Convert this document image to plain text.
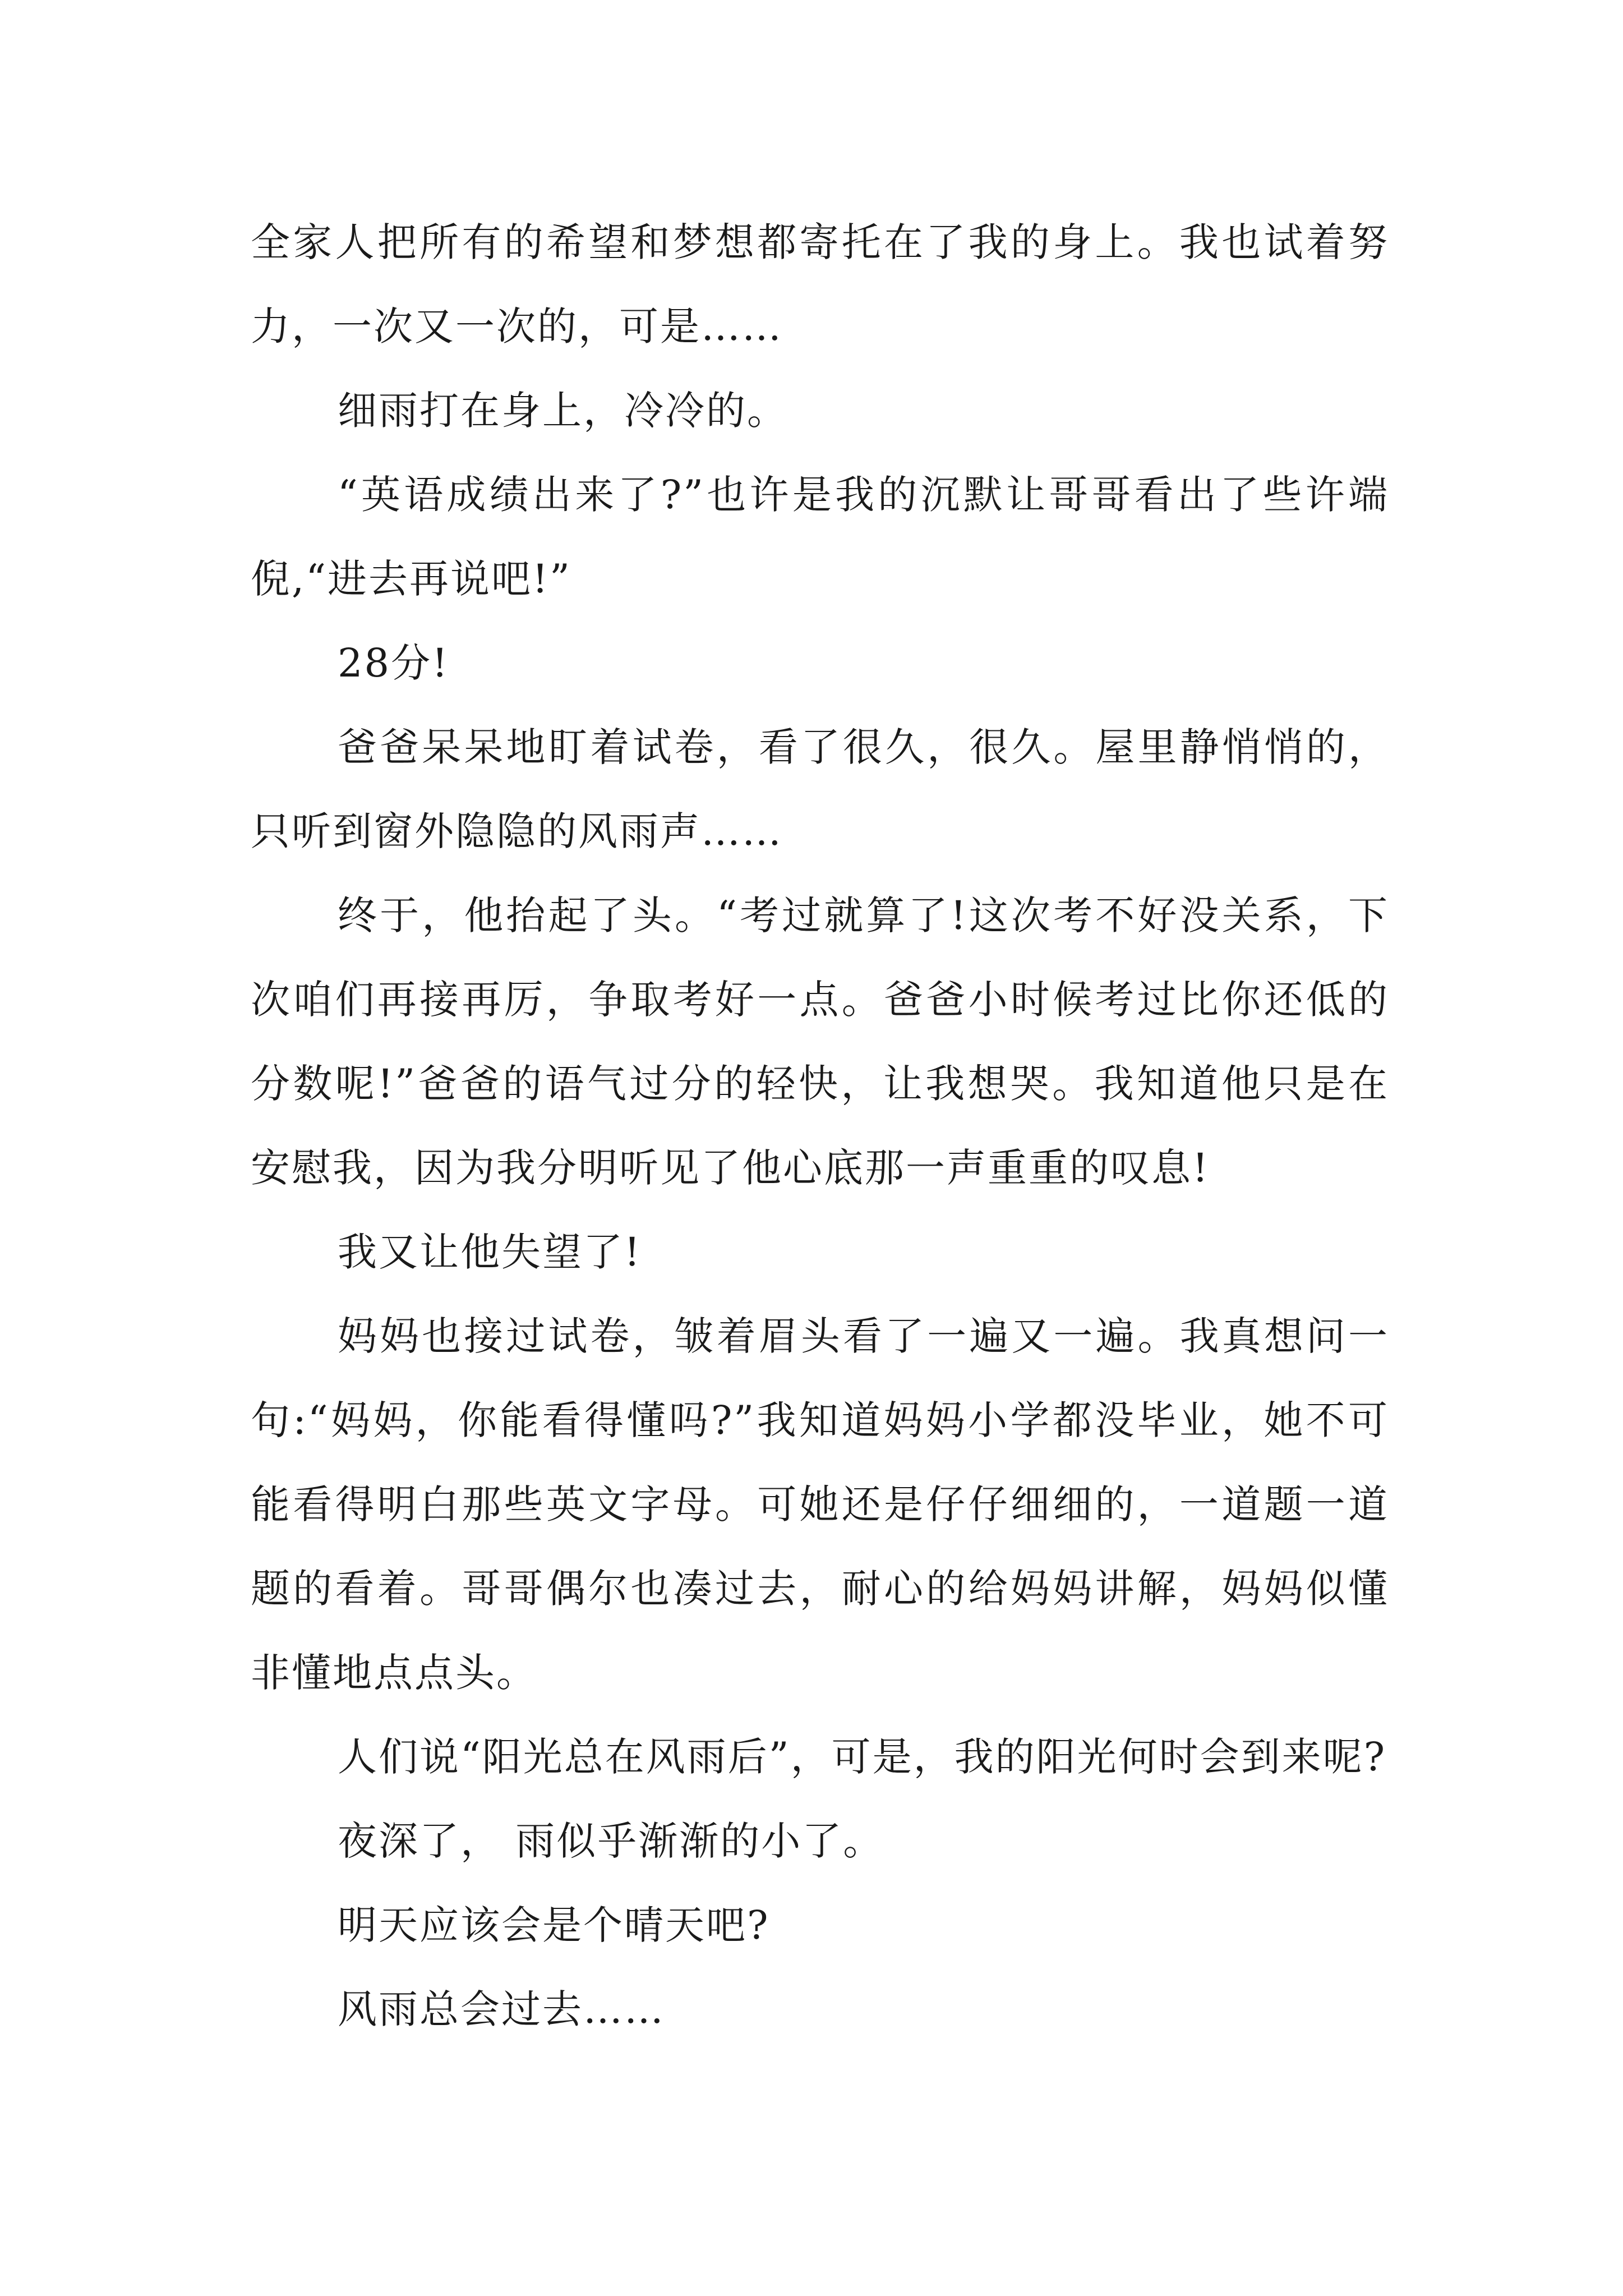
全家人把所有的希望和梦想都寄托在了我的身上。我也试着努力，一次又一次的，可是……

细雨打在身上，冷冷的。

“英语成绩出来了?”也许是我的沉默让哥哥看出了些许端倪,“进去再说吧!”

28分!

爸爸呆呆地盯着试卷，看了很久，很久。屋里静悄悄的，只听到窗外隐隐的风雨声……

终于，他抬起了头。“考过就算了!这次考不好没关系，下次咱们再接再厉，争取考好一点。爸爸小时候考过比你还低的分数呢!”爸爸的语气过分的轻快，让我想哭。我知道他只是在安慰我，因为我分明听见了他心底那一声重重的叹息!

我又让他失望了!

妈妈也接过试卷，皱着眉头看了一遍又一遍。我真想问一句:“妈妈，你能看得懂吗?”我知道妈妈小学都没毕业，她不可能看得明白那些英文字母。可她还是仔仔细细的，一道题一道题的看着。哥哥偶尔也凑过去，耐心的给妈妈讲解，妈妈似懂非懂地点点头。

人们说“阳光总在风雨后”，可是，我的阳光何时会到来呢?

夜深了， 雨似乎渐渐的小了。

明天应该会是个晴天吧?

风雨总会过去……
